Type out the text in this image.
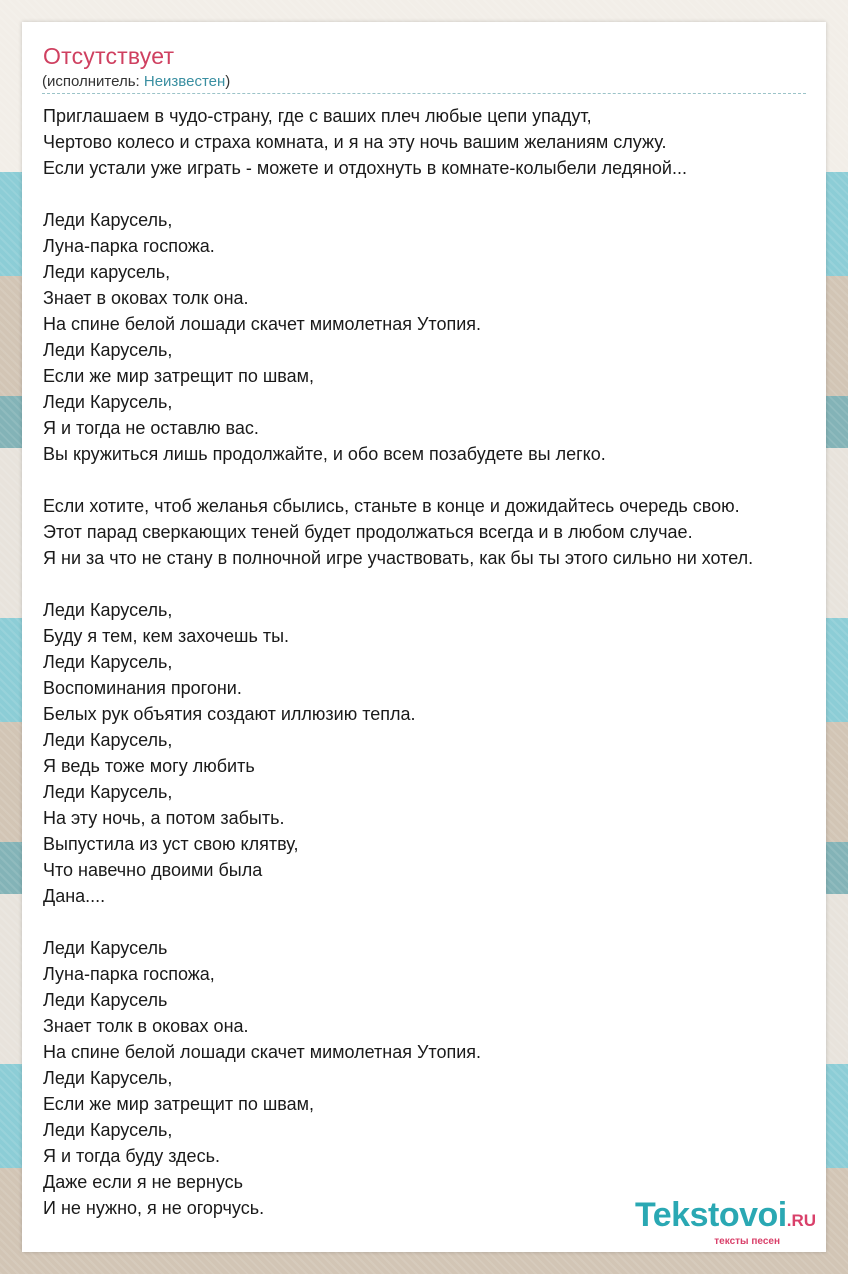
Отсутствует
(исполнитель: Неизвестен)
Приглашаем в чудо-страну, где с ваших плеч любые цепи упадут,
Чертово колесо и страха комната, и я на эту ночь вашим желаниям служу.
Если устали уже играть - можете и отдохнуть в комнате-колыбели ледяной...
Леди Карусель,
Луна-парка госпожа.
Леди карусель,
Знает в оковах толк она.
На спине белой лошади скачет мимолетная Утопия.
Леди Карусель,
Если же мир затрещит по швам,
Леди Карусель,
Я и тогда не оставлю вас.
Вы кружиться лишь продолжайте, и обо всем позабудете вы легко.
Если хотите, чтоб желанья сбылись, станьте в конце и дожидайтесь очередь свою.
Этот парад сверкающих теней будет продолжаться всегда и в любом случае.
Я ни за что не стану в полночной игре участвовать, как бы ты этого сильно ни хотел.
Леди Карусель,
Буду я тем, кем захочешь ты.
Леди Карусель,
Воспоминания прогони.
Белых рук объятия создают иллюзию тепла.
Леди Карусель,
Я ведь тоже могу любить
Леди Карусель,
На эту ночь, а потом забыть.
Выпустила из уст свою клятву,
Что навечно двоими была
Дана....
Леди Карусель
Луна-парка госпожа,
Леди Карусель
Знает толк в оковах она.
На спине белой лошади скачет мимолетная Утопия.
Леди Карусель,
Если же мир затрещит по швам,
Леди Карусель,
Я и тогда буду здесь.
Даже если я не вернусь
И не нужно, я не огорчусь.	Tekstovoi.RU
тексты песен
